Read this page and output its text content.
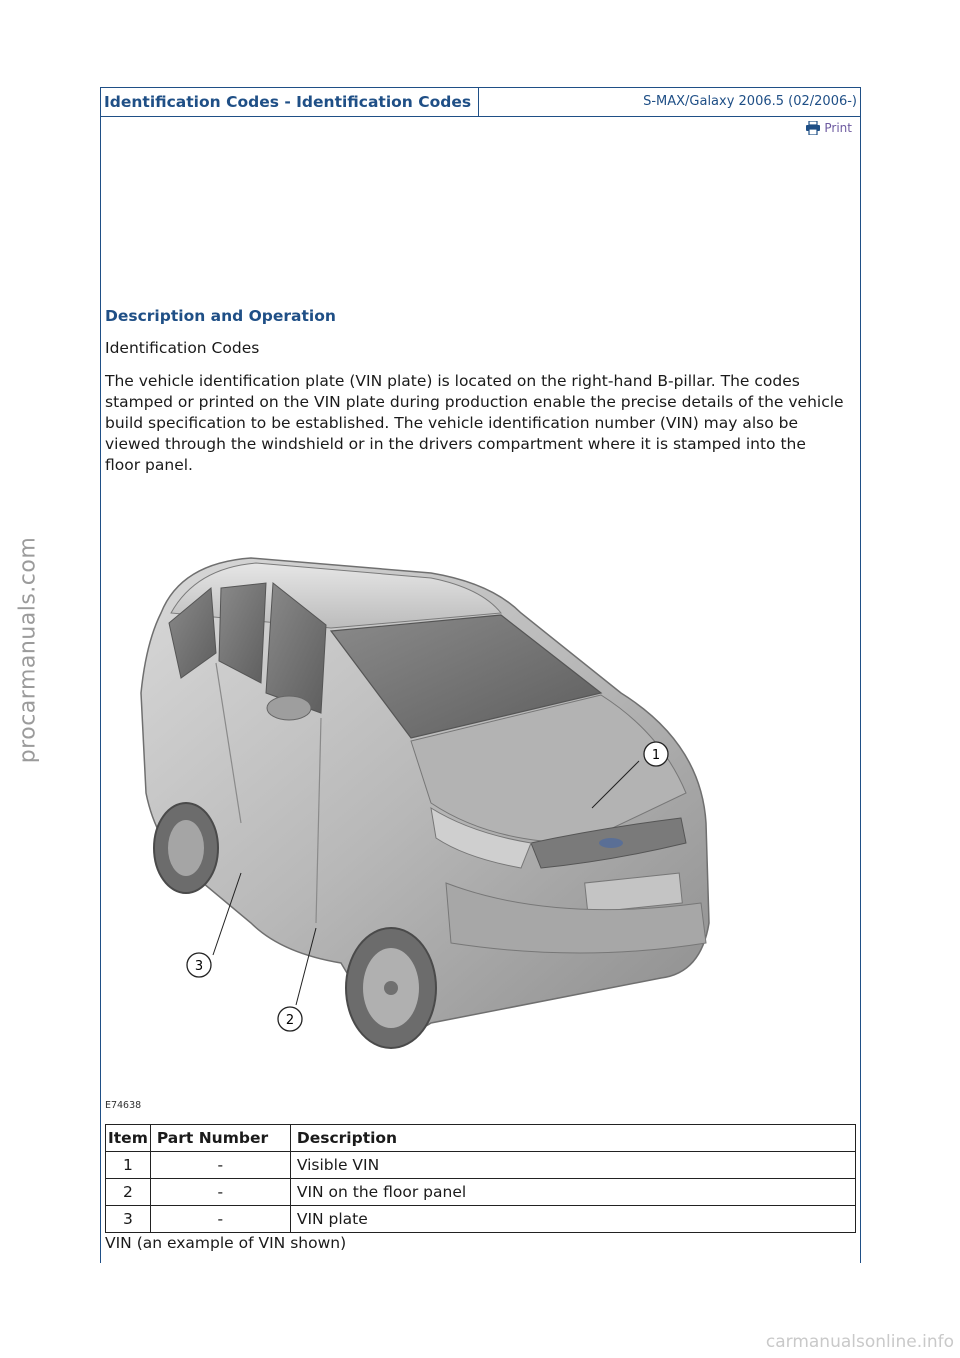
procarmanuals.com
carmanualsonline.info
Identification Codes - Identification Codes	S-MAX/Galaxy 2006.5 (02/2006-)
Print
Description and Operation
Identification Codes
The vehicle identification plate (VIN plate) is located on the right-hand B-pillar. The codes stamped or printed on the VIN plate during production enable the precise details of the vehicle build specification to be established. The vehicle identification number (VIN) may also be viewed through the windshield or in the drivers compartment where it is stamped into the floor panel.
1
2
3
E74638
Item	Part Number	Description
1	-	Visible VIN
2	-	VIN on the floor panel
3	-	VIN plate
VIN (an example of VIN shown)
